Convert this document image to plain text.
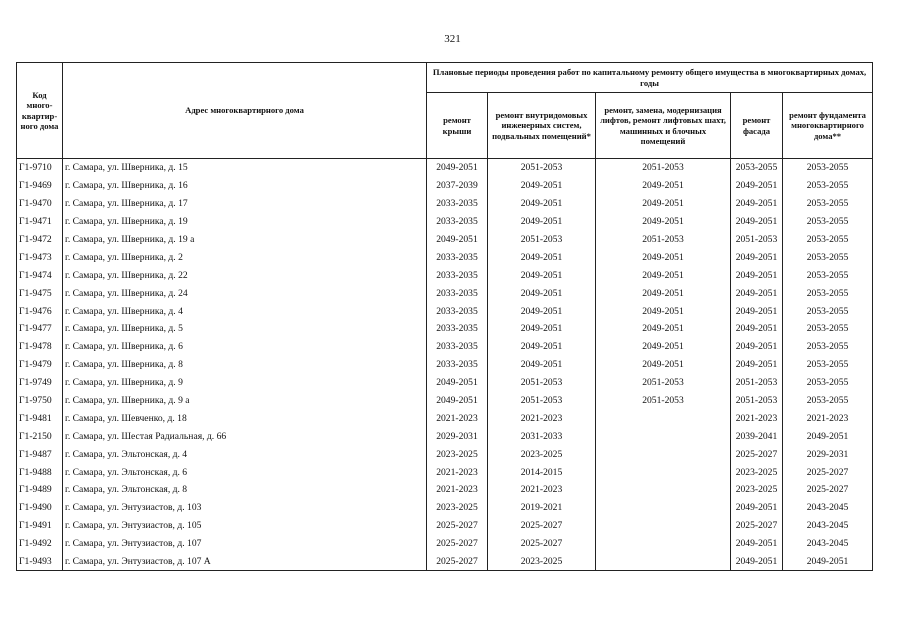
321
Код много-квартир-ного дома	Адрес многоквартирного дома	Плановые периоды проведения работ по капитальному ремонту общего имущества в многоквартирных домах, годы				
		ремонт крыши	ремонт внутридомовых инженерных систем, подвальных помещений*	ремонт, замена, модернизация лифтов, ремонт лифтовых шахт, машинных и блочных помещений	ремонт фасада	ремонт фундамента многоквартирного дома**
Г1-9710	г. Самара, ул. Шверника, д. 15	2049-2051	2051-2053	2051-2053	2053-2055	2053-2055
Г1-9469	г. Самара, ул. Шверника, д. 16	2037-2039	2049-2051	2049-2051	2049-2051	2053-2055
Г1-9470	г. Самара, ул. Шверника, д. 17	2033-2035	2049-2051	2049-2051	2049-2051	2053-2055
Г1-9471	г. Самара, ул. Шверника, д. 19	2033-2035	2049-2051	2049-2051	2049-2051	2053-2055
Г1-9472	г. Самара, ул. Шверника, д. 19 а	2049-2051	2051-2053	2051-2053	2051-2053	2053-2055
Г1-9473	г. Самара, ул. Шверника, д. 2	2033-2035	2049-2051	2049-2051	2049-2051	2053-2055
Г1-9474	г. Самара, ул. Шверника, д. 22	2033-2035	2049-2051	2049-2051	2049-2051	2053-2055
Г1-9475	г. Самара, ул. Шверника, д. 24	2033-2035	2049-2051	2049-2051	2049-2051	2053-2055
Г1-9476	г. Самара, ул. Шверника, д. 4	2033-2035	2049-2051	2049-2051	2049-2051	2053-2055
Г1-9477	г. Самара, ул. Шверника, д. 5	2033-2035	2049-2051	2049-2051	2049-2051	2053-2055
Г1-9478	г. Самара, ул. Шверника, д. 6	2033-2035	2049-2051	2049-2051	2049-2051	2053-2055
Г1-9479	г. Самара, ул. Шверника, д. 8	2033-2035	2049-2051	2049-2051	2049-2051	2053-2055
Г1-9749	г. Самара, ул. Шверника, д. 9	2049-2051	2051-2053	2051-2053	2051-2053	2053-2055
Г1-9750	г. Самара, ул. Шверника, д. 9 а	2049-2051	2051-2053	2051-2053	2051-2053	2053-2055
Г1-9481	г. Самара, ул. Шевченко, д. 18	2021-2023	2021-2023		2021-2023	2021-2023
Г1-2150	г. Самара, ул. Шестая Радиальная, д. 66	2029-2031	2031-2033		2039-2041	2049-2051
Г1-9487	г. Самара, ул. Эльтонская, д. 4	2023-2025	2023-2025		2025-2027	2029-2031
Г1-9488	г. Самара, ул. Эльтонская, д. 6	2021-2023	2014-2015		2023-2025	2025-2027
Г1-9489	г. Самара, ул. Эльтонская, д. 8	2021-2023	2021-2023		2023-2025	2025-2027
Г1-9490	г. Самара, ул. Энтузиастов, д. 103	2023-2025	2019-2021		2049-2051	2043-2045
Г1-9491	г. Самара, ул. Энтузиастов, д. 105	2025-2027	2025-2027		2025-2027	2043-2045
Г1-9492	г. Самара, ул. Энтузиастов, д. 107	2025-2027	2025-2027		2049-2051	2043-2045
Г1-9493	г. Самара, ул. Энтузиастов, д. 107 А	2025-2027	2023-2025		2049-2051	2049-2051
